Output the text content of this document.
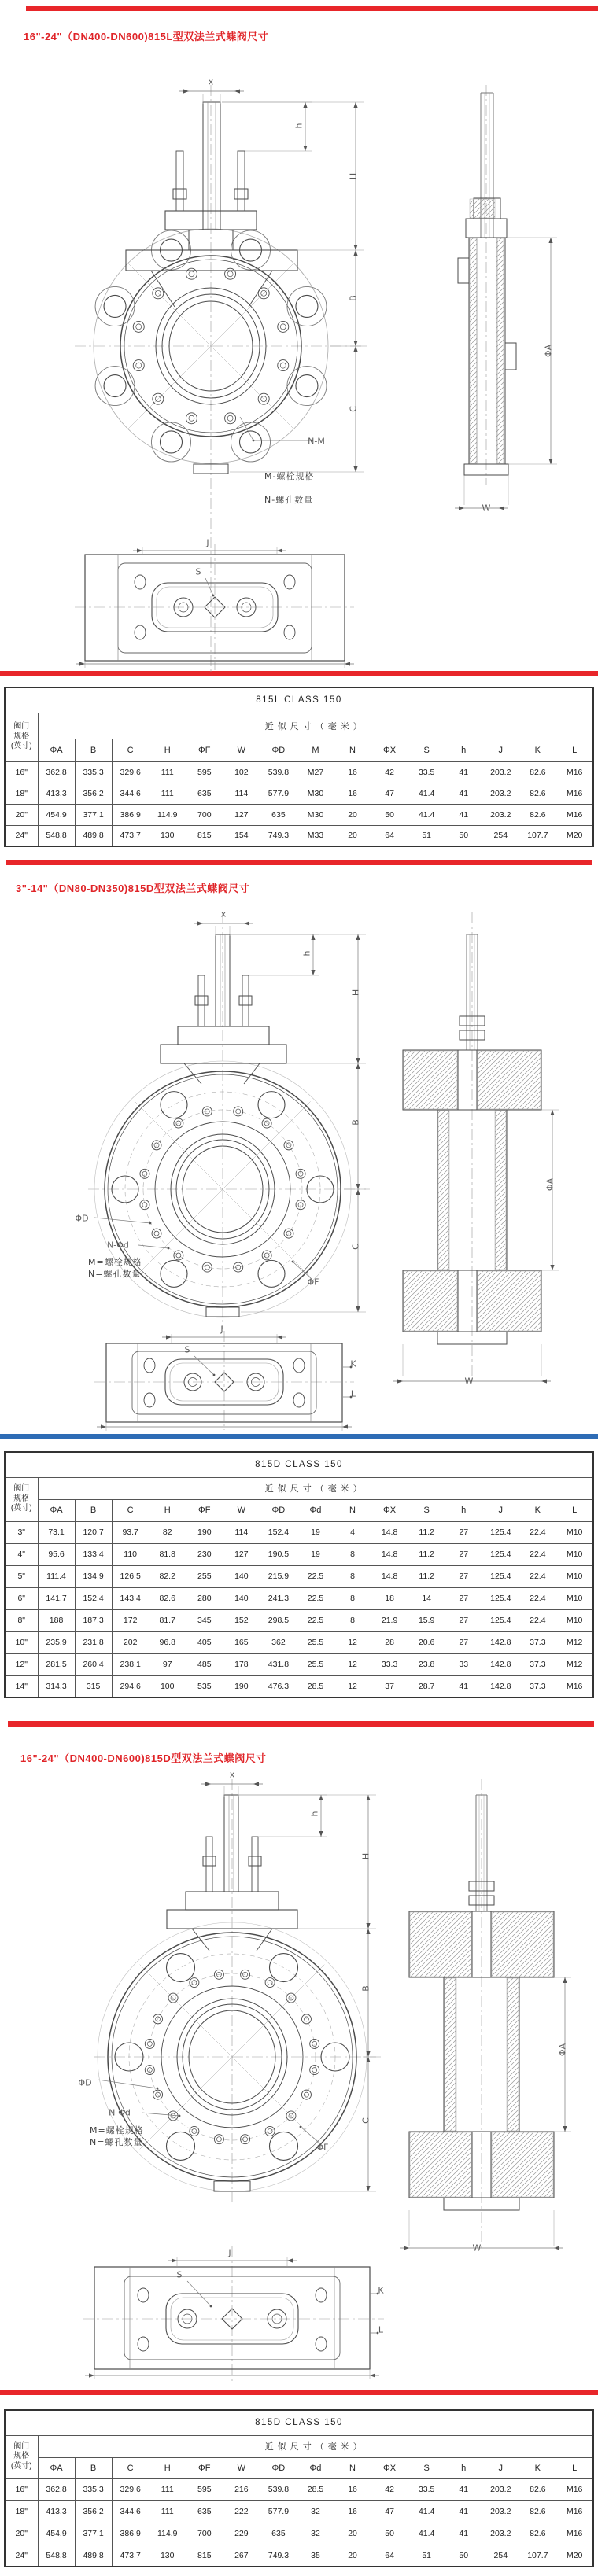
16"-24"（DN400-DN600)815L型双法兰式蝶阀尺寸
3"-14"（DN80-DN350)815D型双法兰式蝶阀尺寸
16"-24"（DN400-DN600)815D型双法兰式蝶阀尺寸
x
h
H
B
C
ΦA
W
N-M
S
J
M-螺栓规格
N-螺孔数量
x
h
H
B
C
ΦA
W
ΦD
N-Φd
ΦF
S
J
K
L
M=螺栓规格
N=螺孔数量
x
h
H
B
C
ΦA
W
ΦD
N-Φd
ΦF
S
J
K
L
M=螺栓规格
N=螺孔数量
815L CLASS 150															
阀门
规格
(英寸)	近似尺寸（毫米）														
	ΦA	B	C	H	ΦF	W	ΦD	M	N	ΦX	S	h	J	K	L
16"	362.8	335.3	329.6	111	595	102	539.8	M27	16	42	33.5	41	203.2	82.6	M16
18"	413.3	356.2	344.6	111	635	114	577.9	M30	16	47	41.4	41	203.2	82.6	M16
20"	454.9	377.1	386.9	114.9	700	127	635	M30	20	50	41.4	41	203.2	82.6	M16
24"	548.8	489.8	473.7	130	815	154	749.3	M33	20	64	51	50	254	107.7	M20
815D CLASS 150															
阀门
规格
(英寸)	近似尺寸（毫米）														
	ΦA	B	C	H	ΦF	W	ΦD	Φd	N	ΦX	S	h	J	K	L
3"	73.1	120.7	93.7	82	190	114	152.4	19	4	14.8	11.2	27	125.4	22.4	M10
4"	95.6	133.4	110	81.8	230	127	190.5	19	8	14.8	11.2	27	125.4	22.4	M10
5"	111.4	134.9	126.5	82.2	255	140	215.9	22.5	8	14.8	11.2	27	125.4	22.4	M10
6"	141.7	152.4	143.4	82.6	280	140	241.3	22.5	8	18	14	27	125.4	22.4	M10
8"	188	187.3	172	81.7	345	152	298.5	22.5	8	21.9	15.9	27	125.4	22.4	M10
10"	235.9	231.8	202	96.8	405	165	362	25.5	12	28	20.6	27	142.8	37.3	M12
12"	281.5	260.4	238.1	97	485	178	431.8	25.5	12	33.3	23.8	33	142.8	37.3	M12
14"	314.3	315	294.6	100	535	190	476.3	28.5	12	37	28.7	41	142.8	37.3	M16
815D CLASS 150															
阀门
规格
(英寸)	近似尺寸（毫米）														
	ΦA	B	C	H	ΦF	W	ΦD	Φd	N	ΦX	S	h	J	K	L
16"	362.8	335.3	329.6	111	595	216	539.8	28.5	16	42	33.5	41	203.2	82.6	M16
18"	413.3	356.2	344.6	111	635	222	577.9	32	16	47	41.4	41	203.2	82.6	M16
20"	454.9	377.1	386.9	114.9	700	229	635	32	20	50	41.4	41	203.2	82.6	M16
24"	548.8	489.8	473.7	130	815	267	749.3	35	20	64	51	50	254	107.7	M20
